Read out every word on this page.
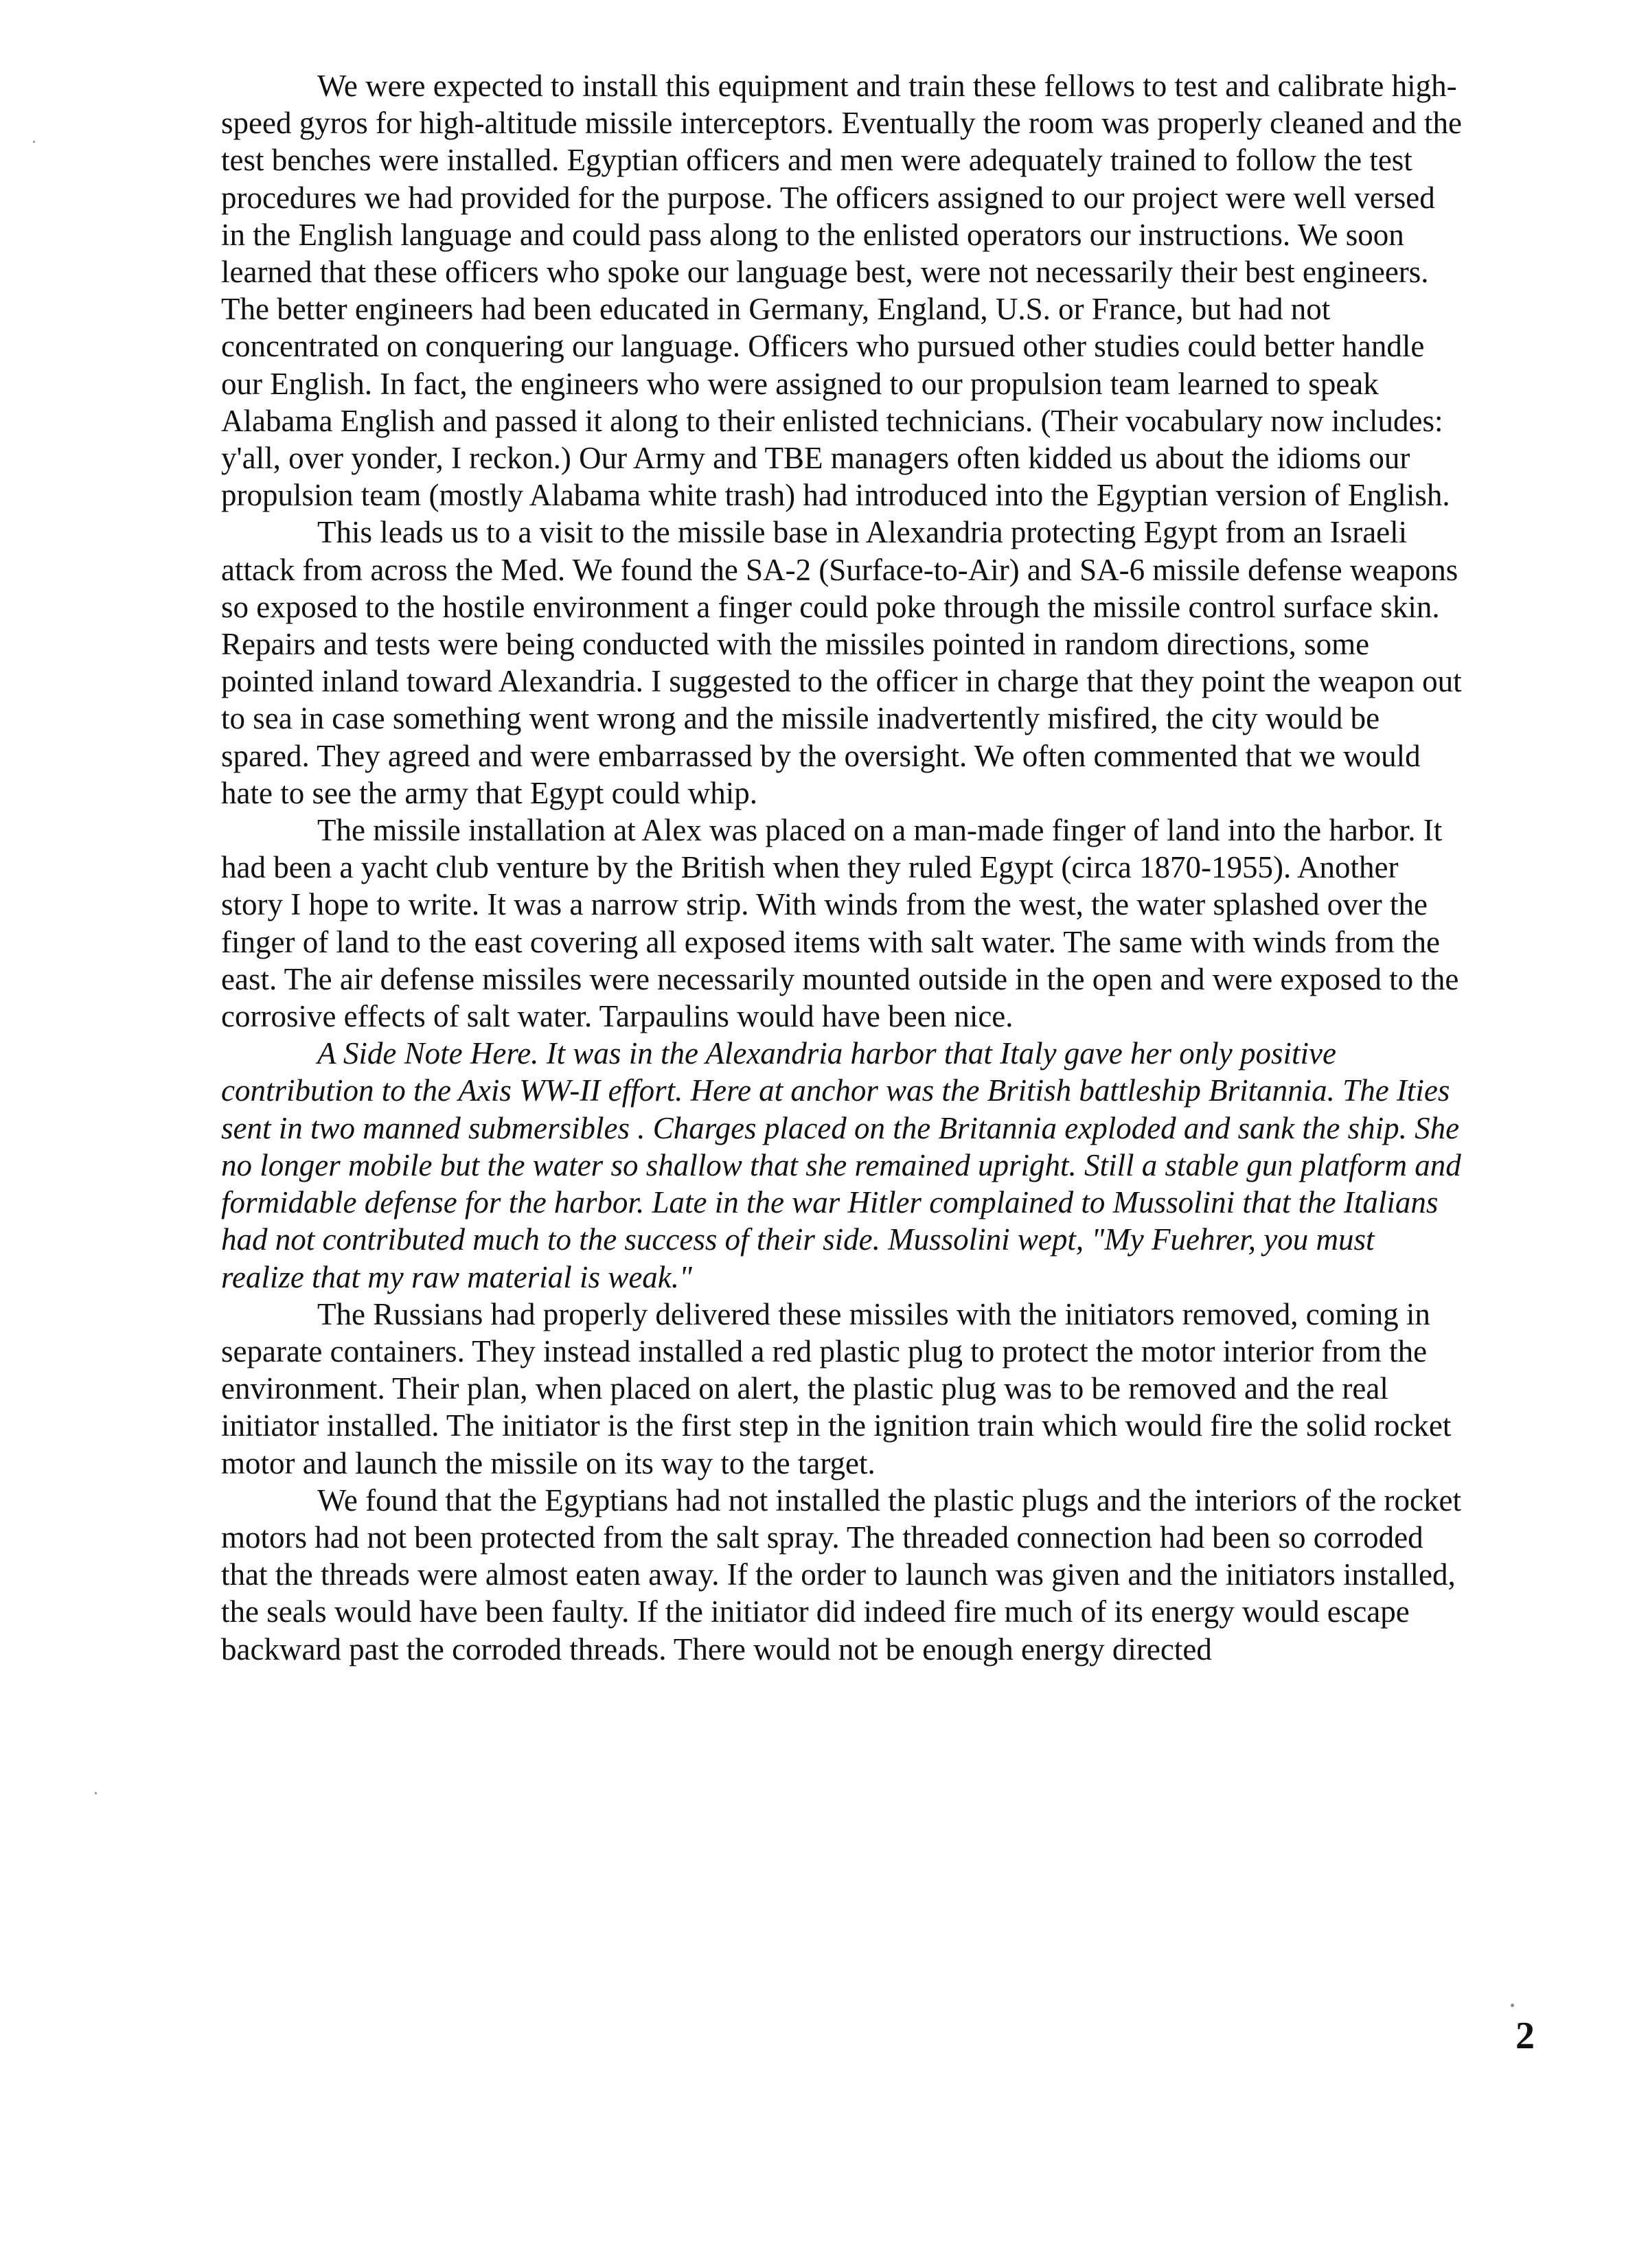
We were expected to install this equipment and train these fellows to test and calibrate high-speed gyros for high-altitude missile interceptors. Eventually the room was properly cleaned and the test benches were installed. Egyptian officers and men were adequately trained to follow the test procedures we had provided for the purpose. The officers assigned to our project were well versed in the English language and could pass along to the enlisted operators our instructions. We soon learned that these officers who spoke our language best, were not necessarily their best engineers. The better engineers had been educated in Germany, England, U.S. or France, but had not concentrated on conquering our language. Officers who pursued other studies could better handle our English. In fact, the engineers who were assigned to our propulsion team learned to speak Alabama English and passed it along to their enlisted technicians. (Their vocabulary now includes: y'all, over yonder, I reckon.) Our Army and TBE managers often kidded us about the idioms our propulsion team (mostly Alabama white trash) had introduced into the Egyptian version of English.

This leads us to a visit to the missile base in Alexandria protecting Egypt from an Israeli attack from across the Med. We found the SA-2 (Surface-to-Air) and SA-6 missile defense weapons so exposed to the hostile environment a finger could poke through the missile control surface skin. Repairs and tests were being conducted with the missiles pointed in random directions, some pointed inland toward Alexandria. I suggested to the officer in charge that they point the weapon out to sea in case something went wrong and the missile inadvertently misfired, the city would be spared. They agreed and were embarrassed by the oversight. We often commented that we would hate to see the army that Egypt could whip.

The missile installation at Alex was placed on a man-made finger of land into the harbor. It had been a yacht club venture by the British when they ruled Egypt (circa 1870-1955). Another story I hope to write. It was a narrow strip. With winds from the west, the water splashed over the finger of land to the east covering all exposed items with salt water. The same with winds from the east. The air defense missiles were necessarily mounted outside in the open and were exposed to the corrosive effects of salt water. Tarpaulins would have been nice.

A Side Note Here. It was in the Alexandria harbor that Italy gave her only positive contribution to the Axis WW-II effort. Here at anchor was the British battleship Britannia. The Ities sent in two manned submersibles . Charges placed on the Britannia exploded and sank the ship. She no longer mobile but the water so shallow that she remained upright. Still a stable gun platform and formidable defense for the harbor. Late in the war Hitler complained to Mussolini that the Italians had not contributed much to the success of their side. Mussolini wept, "My Fuehrer, you must realize that my raw material is weak."

The Russians had properly delivered these missiles with the initiators removed, coming in separate containers. They instead installed a red plastic plug to protect the motor interior from the environment. Their plan, when placed on alert, the plastic plug was to be removed and the real initiator installed. The initiator is the first step in the ignition train which would fire the solid rocket motor and launch the missile on its way to the target.

We found that the Egyptians had not installed the plastic plugs and the interiors of the rocket motors had not been protected from the salt spray. The threaded connection had been so corroded that the threads were almost eaten away. If the order to launch was given and the initiators installed, the seals would have been faulty. If the initiator did indeed fire much of its energy would escape backward past the corroded threads. There would not be enough energy directed

2
